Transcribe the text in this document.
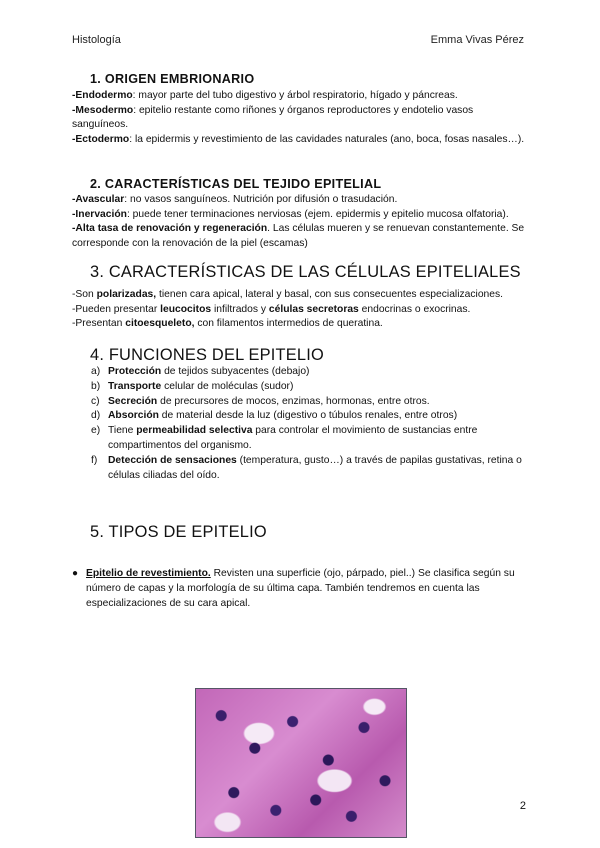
Histología	Emma Vivas Pérez
1. ORIGEN EMBRIONARIO

-Endodermo: mayor parte del tubo digestivo y árbol respiratorio, hígado y páncreas.

-Mesodermo: epitelio restante como riñones y órganos reproductores y endotelio vasos sanguíneos.

-Ectodermo: la epidermis y revestimiento de las cavidades naturales (ano, boca, fosas nasales…).

2. CARACTERÍSTICAS DEL TEJIDO EPITELIAL

-Avascular: no vasos sanguíneos. Nutrición por difusión o trasudación.

-Inervación: puede tener terminaciones nerviosas (ejem. epidermis y epitelio mucosa olfatoria).

-Alta tasa de renovación y regeneración. Las células mueren y se renuevan constantemente. Se corresponde con la renovación de la piel (escamas)

3. CARACTERÍSTICAS DE LAS CÉLULAS EPITELIALES

-Son polarizadas, tienen cara apical, lateral y basal, con sus consecuentes especializaciones.

-Pueden presentar leucocitos infiltrados y células secretoras endocrinas o exocrinas.

-Presentan citoesqueleto, con filamentos intermedios de queratina.

4. FUNCIONES DEL EPITELIO
a) Protección de tejidos subyacentes (debajo)
b) Transporte celular de moléculas (sudor)
c) Secreción de precursores de mocos, enzimas, hormonas, entre otros.
d) Absorción de material desde la luz (digestivo o túbulos renales, entre otros)
e) Tiene permeabilidad selectiva para controlar el movimiento de sustancias entre compartimentos del organismo.
f) Detección de sensaciones (temperatura, gusto…) a través de papilas gustativas, retina o células ciliadas del oído.
5. TIPOS DE EPITELIO
● Epitelio de revestimiento. Revisten una superficie (ojo, párpado, piel..) Se clasifica según su número de capas y la morfología de su última capa. También tendremos en cuenta las especializaciones de su cara apical.
2
